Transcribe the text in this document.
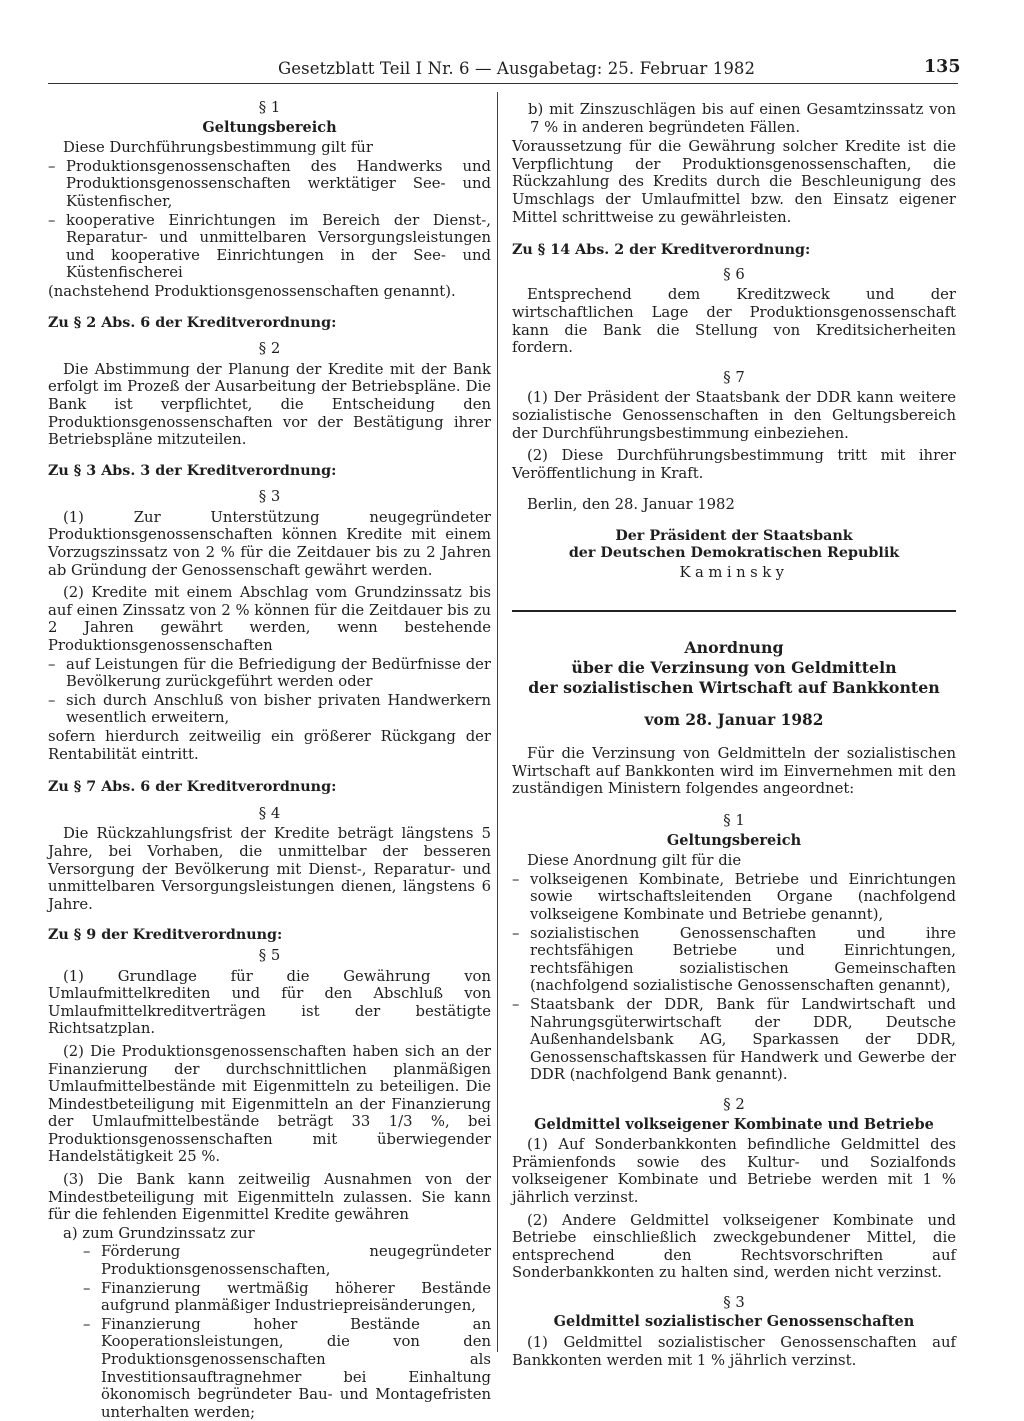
Gesetzblatt Teil I Nr. 6 — Ausgabetag: 25. Februar 1982	135

§ 1

Geltungsbereich

Diese Durchführungsbestimmung gilt für

– Produktionsgenossenschaften des Handwerks und Produktionsgenossenschaften werktätiger See- und Küstenfischer,

– kooperative Einrichtungen im Bereich der Dienst-, Reparatur- und unmittelbaren Versorgungsleistungen und kooperative Einrichtungen in der See- und Küstenfischerei

(nachstehend Produktionsgenossenschaften genannt).

Zu § 2 Abs. 6 der Kreditverordnung:

§ 2

Die Abstimmung der Planung der Kredite mit der Bank erfolgt im Prozeß der Ausarbeitung der Betriebspläne. Die Bank ist verpflichtet, die Entscheidung den Produktionsgenossenschaften vor der Bestätigung ihrer Betriebspläne mitzuteilen.

Zu § 3 Abs. 3 der Kreditverordnung:

§ 3

(1) Zur Unterstützung neugegründeter Produktionsgenossenschaften können Kredite mit einem Vorzugszinssatz von 2 % für die Zeitdauer bis zu 2 Jahren ab Gründung der Genossenschaft gewährt werden.

(2) Kredite mit einem Abschlag vom Grundzinssatz bis auf einen Zinssatz von 2 % können für die Zeitdauer bis zu 2 Jahren gewährt werden, wenn bestehende Produktionsgenossenschaften

– auf Leistungen für die Befriedigung der Bedürfnisse der Bevölkerung zurückgeführt werden oder

– sich durch Anschluß von bisher privaten Handwerkern wesentlich erweitern,

sofern hierdurch zeitweilig ein größerer Rückgang der Rentabilität eintritt.

Zu § 7 Abs. 6 der Kreditverordnung:

§ 4

Die Rückzahlungsfrist der Kredite beträgt längstens 5 Jahre, bei Vorhaben, die unmittelbar der besseren Versorgung der Bevölkerung mit Dienst-, Reparatur- und unmittelbaren Versorgungsleistungen dienen, längstens 6 Jahre.

Zu § 9 der Kreditverordnung:

§ 5

(1) Grundlage für die Gewährung von Umlaufmittelkrediten und für den Abschluß von Umlaufmittelkreditverträgen ist der bestätigte Richtsatzplan.

(2) Die Produktionsgenossenschaften haben sich an der Finanzierung der durchschnittlichen planmäßigen Umlaufmittelbestände mit Eigenmitteln zu beteiligen. Die Mindestbeteiligung mit Eigenmitteln an der Finanzierung der Umlaufmittelbestände beträgt 33 1/3 %, bei Produktionsgenossenschaften mit überwiegender Handelstätigkeit 25 %.

(3) Die Bank kann zeitweilig Ausnahmen von der Mindestbeteiligung mit Eigenmitteln zulassen. Sie kann für die fehlenden Eigenmittel Kredite gewähren

a) zum Grundzinssatz zur

– Förderung neugegründeter Produktionsgenossenschaften,

– Finanzierung wertmäßig höherer Bestände aufgrund planmäßiger Industriepreisänderungen,

– Finanzierung hoher Bestände an Kooperationsleistungen, die von den Produktionsgenossenschaften als Investitionsauftragnehmer bei Einhaltung ökonomisch begründeter Bau- und Montagefristen unterhalten werden;

b) mit Zinszuschlägen bis auf einen Gesamtzinssatz von 7 % in anderen begründeten Fällen.

Voraussetzung für die Gewährung solcher Kredite ist die Verpflichtung der Produktionsgenossenschaften, die Rückzahlung des Kredits durch die Beschleunigung des Umschlags der Umlaufmittel bzw. den Einsatz eigener Mittel schrittweise zu gewährleisten.

Zu § 14 Abs. 2 der Kreditverordnung:

§ 6

Entsprechend dem Kreditzweck und der wirtschaftlichen Lage der Produktionsgenossenschaft kann die Bank die Stellung von Kreditsicherheiten fordern.

§ 7

(1) Der Präsident der Staatsbank der DDR kann weitere sozialistische Genossenschaften in den Geltungsbereich der Durchführungsbestimmung einbeziehen.

(2) Diese Durchführungsbestimmung tritt mit ihrer Veröffentlichung in Kraft.

Berlin, den 28. Januar 1982

Der Präsident der Staatsbank

der Deutschen Demokratischen Republik

Kaminsky

Anordnung

über die Verzinsung von Geldmitteln

der sozialistischen Wirtschaft auf Bankkonten

vom 28. Januar 1982

Für die Verzinsung von Geldmitteln der sozialistischen Wirtschaft auf Bankkonten wird im Einvernehmen mit den zuständigen Ministern folgendes angeordnet:

§ 1

Geltungsbereich

Diese Anordnung gilt für die

– volkseigenen Kombinate, Betriebe und Einrichtungen sowie wirtschaftsleitenden Organe (nachfolgend volkseigene Kombinate und Betriebe genannt),

– sozialistischen Genossenschaften und ihre rechtsfähigen Betriebe und Einrichtungen, rechtsfähigen sozialistischen Gemeinschaften (nachfolgend sozialistische Genossenschaften genannt),

– Staatsbank der DDR, Bank für Landwirtschaft und Nahrungsgüterwirtschaft der DDR, Deutsche Außenhandelsbank AG, Sparkassen der DDR, Genossenschaftskassen für Handwerk und Gewerbe der DDR (nachfolgend Bank genannt).

§ 2

Geldmittel volkseigener Kombinate und Betriebe

(1) Auf Sonderbankkonten befindliche Geldmittel des Prämienfonds sowie des Kultur- und Sozialfonds volkseigener Kombinate und Betriebe werden mit 1 % jährlich verzinst.

(2) Andere Geldmittel volkseigener Kombinate und Betriebe einschließlich zweckgebundener Mittel, die entsprechend den Rechtsvorschriften auf Sonderbankkonten zu halten sind, werden nicht verzinst.

§ 3

Geldmittel sozialistischer Genossenschaften

(1) Geldmittel sozialistischer Genossenschaften auf Bankkonten werden mit 1 % jährlich verzinst.
